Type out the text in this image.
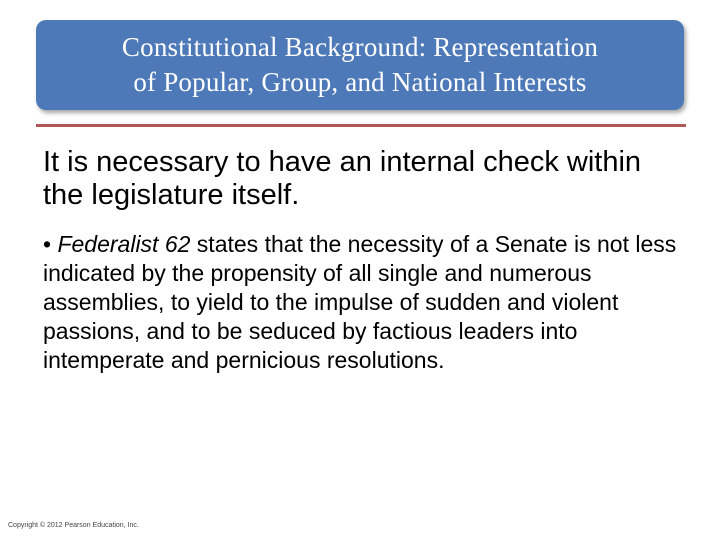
Constitutional Background: Representation
of Popular, Group, and National Interests
It is necessary to have an internal check within the legislature itself.
• Federalist 62 states that the necessity of a Senate is not less indicated by the propensity of all single and numerous assemblies, to yield to the impulse of sudden and violent passions, and to be seduced by factious leaders into intemperate and pernicious resolutions.
Copyright © 2012 Pearson Education, Inc.
